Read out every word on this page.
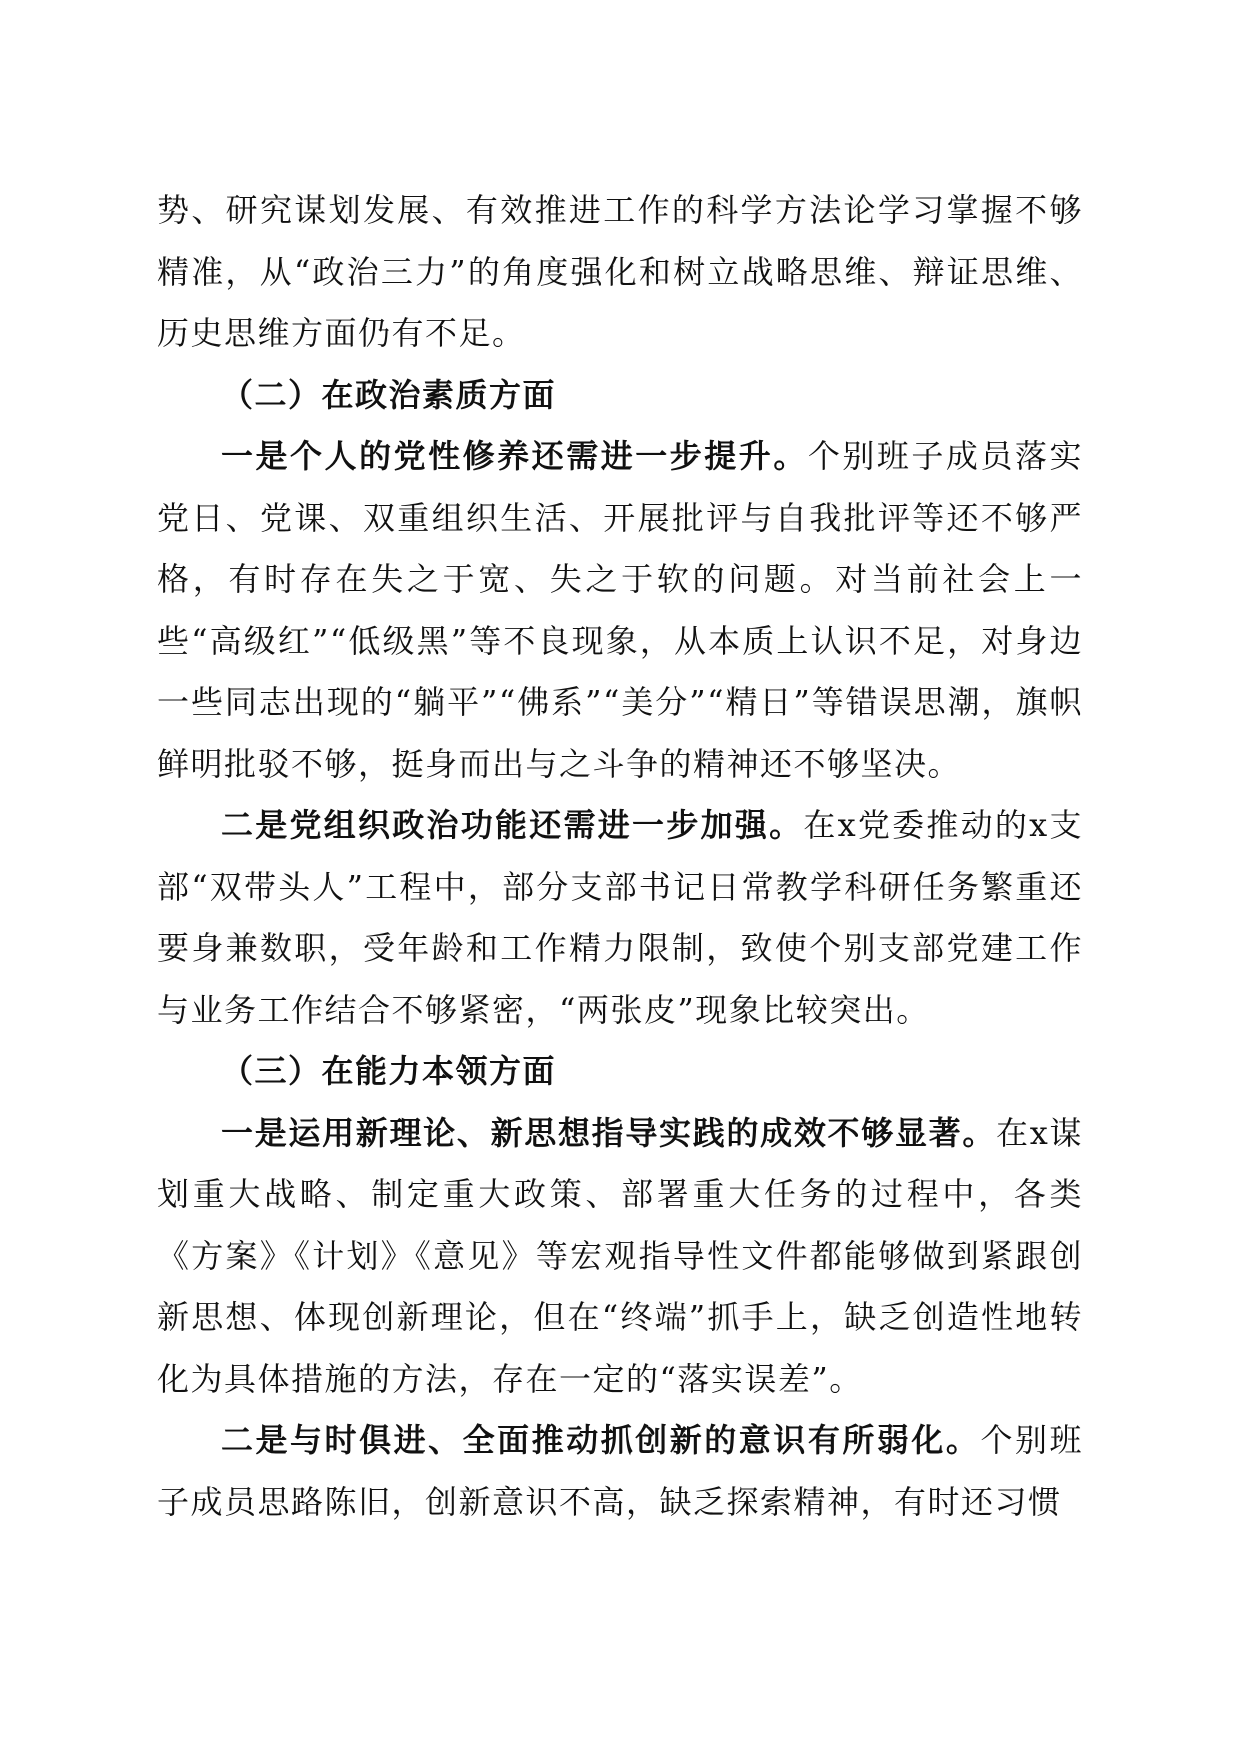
势、研究谋划发展、有效推进工作的科学方法论学习掌握不够精准，从“政治三力”的角度强化和树立战略思维、辩证思维、历史思维方面仍有不足。

（二）在政治素质方面

一是个人的党性修养还需进一步提升。个别班子成员落实党日、党课、双重组织生活、开展批评与自我批评等还不够严格，有时存在失之于宽、失之于软的问题。对当前社会上一些“高级红”“低级黑”等不良现象，从本质上认识不足，对身边一些同志出现的“躺平”“佛系”“美分”“精日”等错误思潮，旗帜鲜明批驳不够，挺身而出与之斗争的精神还不够坚决。

二是党组织政治功能还需进一步加强。在x党委推动的x支部“双带头人”工程中，部分支部书记日常教学科研任务繁重还要身兼数职，受年龄和工作精力限制，致使个别支部党建工作与业务工作结合不够紧密，“两张皮”现象比较突出。

（三）在能力本领方面

一是运用新理论、新思想指导实践的成效不够显著。在x谋划重大战略、制定重大政策、部署重大任务的过程中，各类《方案》《计划》《意见》等宏观指导性文件都能够做到紧跟创新思想、体现创新理论，但在“终端”抓手上，缺乏创造性地转化为具体措施的方法，存在一定的“落实误差”。

二是与时俱进、全面推动抓创新的意识有所弱化。个别班子成员思路陈旧，创新意识不高，缺乏探索精神，有时还习惯
